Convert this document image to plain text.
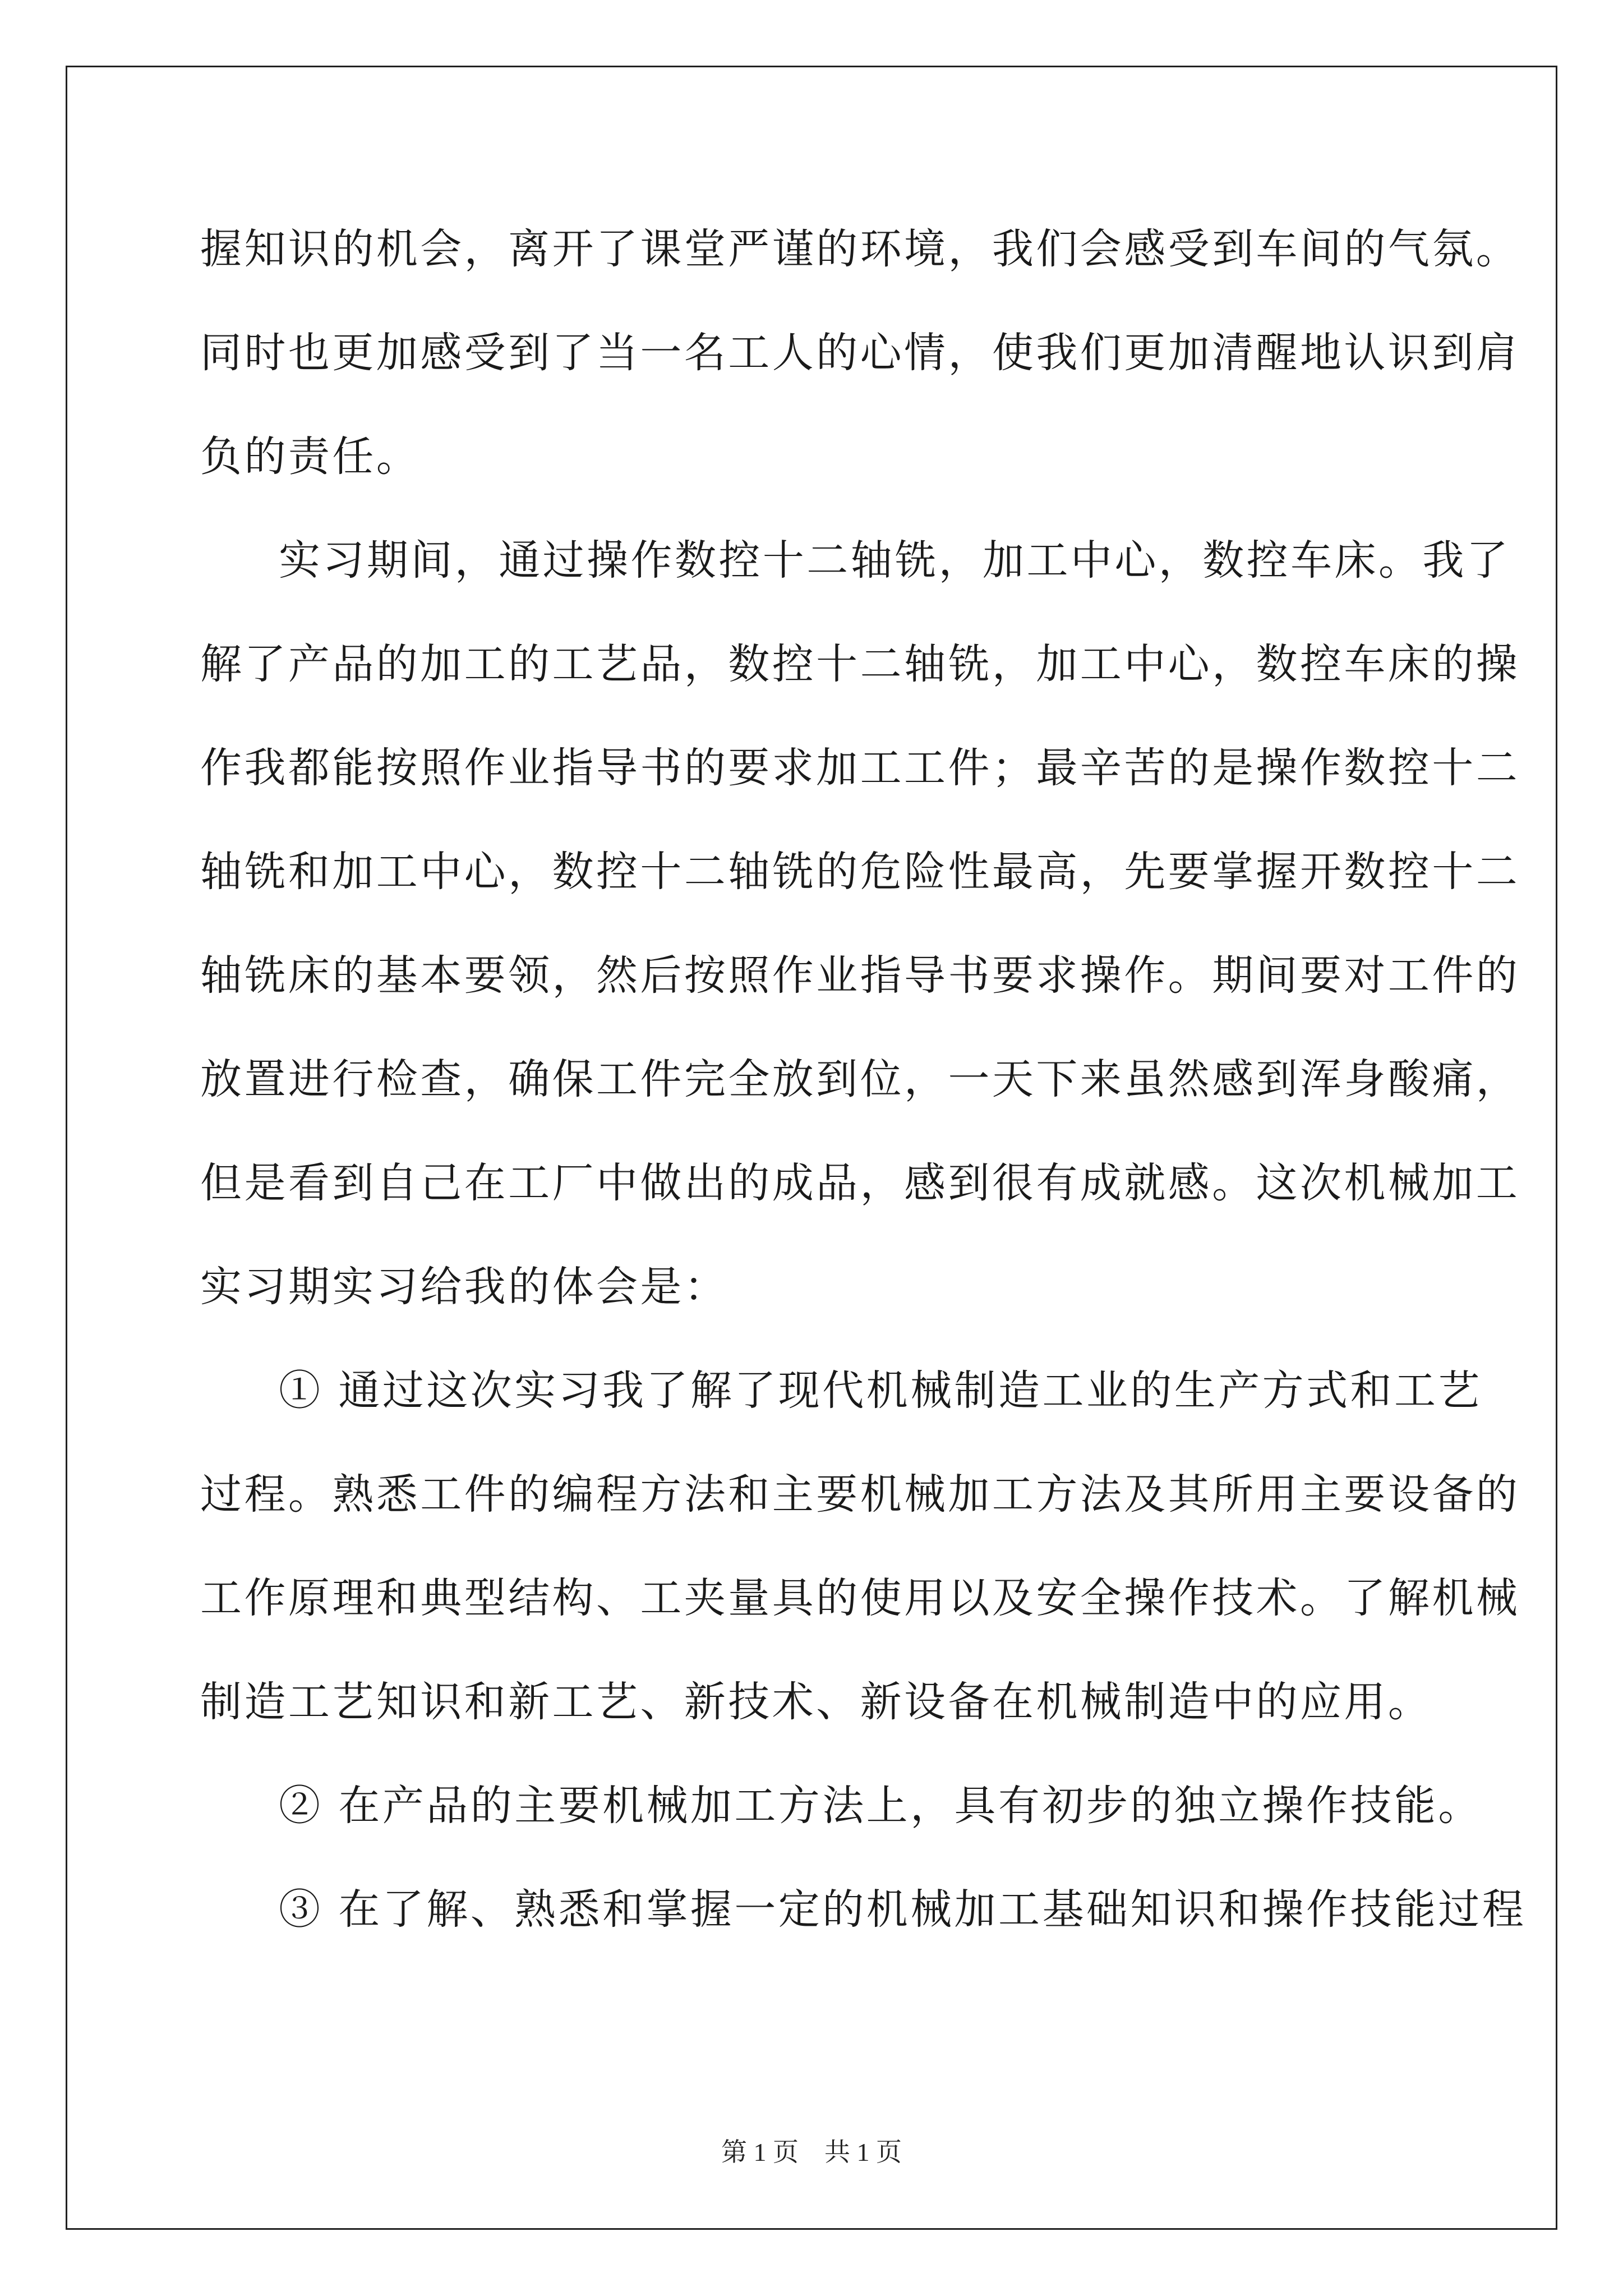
握知识的机会，离开了课堂严谨的环境，我们会感受到车间的气氛。
同时也更加感受到了当一名工人的心情，使我们更加清醒地认识到肩
负的责任。
实习期间，通过操作数控十二轴铣，加工中心，数控车床。我了
解了产品的加工的工艺品，数控十二轴铣，加工中心，数控车床的操
作我都能按照作业指导书的要求加工工件；最辛苦的是操作数控十二
轴铣和加工中心，数控十二轴铣的危险性最高，先要掌握开数控十二
轴铣床的基本要领，然后按照作业指导书要求操作。期间要对工件的
放置进行检查，确保工件完全放到位，一天下来虽然感到浑身酸痛，
但是看到自己在工厂中做出的成品，感到很有成就感。这次机械加工
实习期实习给我的体会是：
① 通过这次实习我了解了现代机械制造工业的生产方式和工艺
过程。熟悉工件的编程方法和主要机械加工方法及其所用主要设备的
工作原理和典型结构、工夹量具的使用以及安全操作技术。了解机械
制造工艺知识和新工艺、新技术、新设备在机械制造中的应用。
② 在产品的主要机械加工方法上，具有初步的独立操作技能。
③ 在了解、熟悉和掌握一定的机械加工基础知识和操作技能过程
第 1 页    共 1 页
